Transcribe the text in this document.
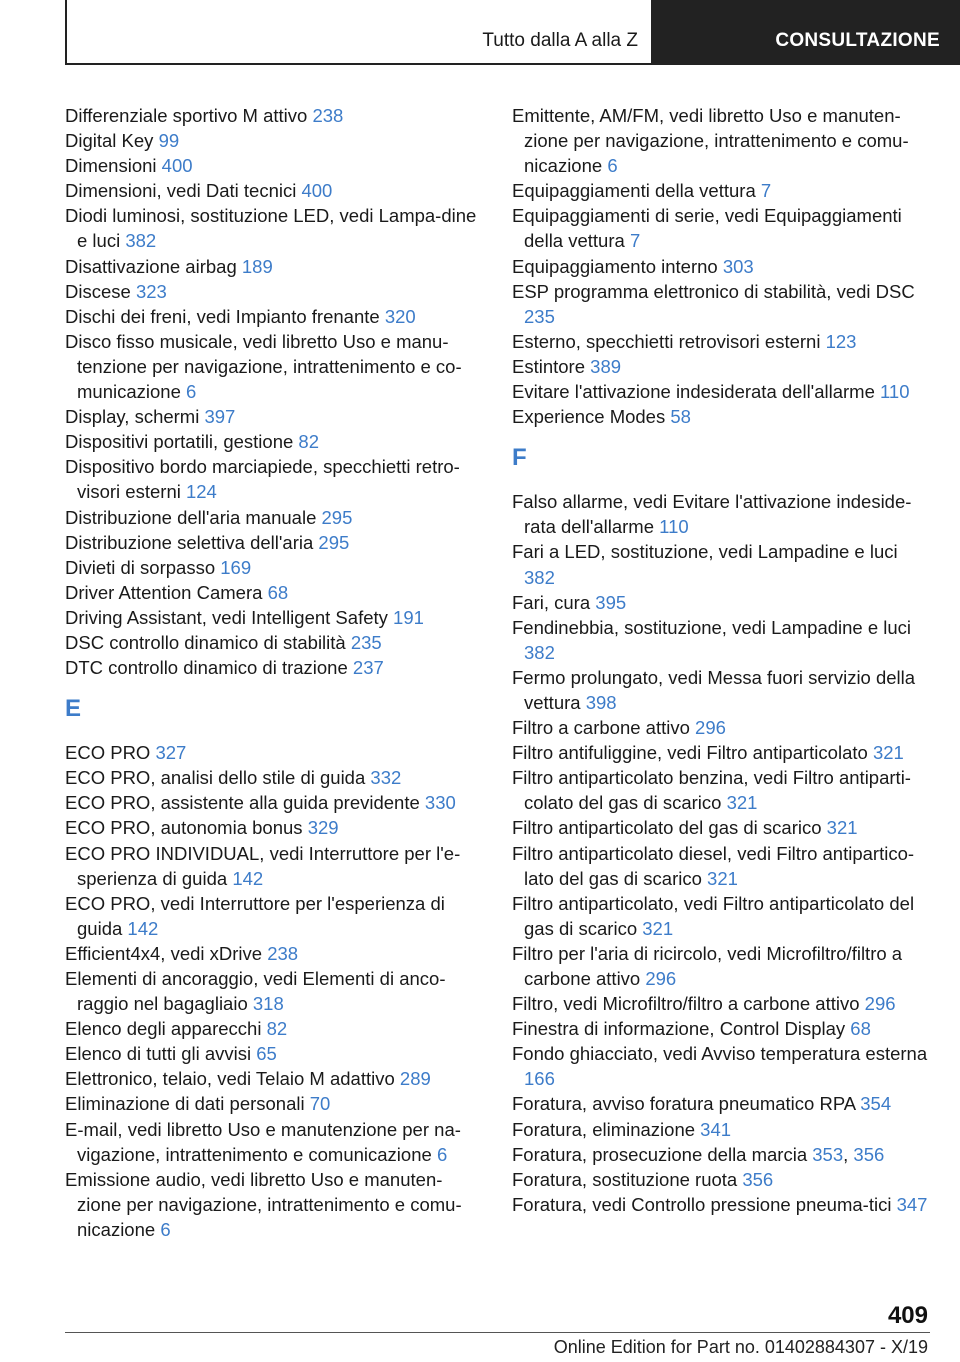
Tutto dalla A alla Z	CONSULTAZIONE
Differenziale sportivo M attivo 238
Digital Key 99
Dimensioni 400
Dimensioni, vedi Dati tecnici 400
Diodi luminosi, sostituzione LED, vedi Lampa‐dine e luci 382
Disattivazione airbag 189
Discese 323
Dischi dei freni, vedi Impianto frenante 320
Disco fisso musicale, vedi libretto Uso e manu‐tenzione per navigazione, intrattenimento e co‐municazione 6
Display, schermi 397
Dispositivi portatili, gestione 82
Dispositivo bordo marciapiede, specchietti retro‐visori esterni 124
Distribuzione dell'aria manuale 295
Distribuzione selettiva dell'aria 295
Divieti di sorpasso 169
Driver Attention Camera 68
Driving Assistant, vedi Intelligent Safety 191
DSC controllo dinamico di stabilità 235
DTC controllo dinamico di trazione 237
E
ECO PRO 327
ECO PRO, analisi dello stile di guida 332
ECO PRO, assistente alla guida previdente 330
ECO PRO, autonomia bonus 329
ECO PRO INDIVIDUAL, vedi Interruttore per l'e‐sperienza di guida 142
ECO PRO, vedi Interruttore per l'esperienza di guida 142
Efficient4x4, vedi xDrive 238
Elementi di ancoraggio, vedi Elementi di anco‐raggio nel bagagliaio 318
Elenco degli apparecchi 82
Elenco di tutti gli avvisi 65
Elettronico, telaio, vedi Telaio M adattivo 289
Eliminazione di dati personali 70
E-mail, vedi libretto Uso e manutenzione per na‐vigazione, intrattenimento e comunicazione 6
Emissione audio, vedi libretto Uso e manuten‐zione per navigazione, intrattenimento e comu‐nicazione 6
Emittente, AM/FM, vedi libretto Uso e manuten‐zione per navigazione, intrattenimento e comu‐nicazione 6
Equipaggiamenti della vettura 7
Equipaggiamenti di serie, vedi Equipaggiamenti della vettura 7
Equipaggiamento interno 303
ESP programma elettronico di stabilità, vedi DSC 235
Esterno, specchietti retrovisori esterni 123
Estintore 389
Evitare l'attivazione indesiderata dell'allarme 110
Experience Modes 58
F
Falso allarme, vedi Evitare l'attivazione indeside‐rata dell'allarme 110
Fari a LED, sostituzione, vedi Lampadine e luci 382
Fari, cura 395
Fendinebbia, sostituzione, vedi Lampadine e luci 382
Fermo prolungato, vedi Messa fuori servizio della vettura 398
Filtro a carbone attivo 296
Filtro antifuliggine, vedi Filtro antiparticolato 321
Filtro antiparticolato benzina, vedi Filtro antiparti‐colato del gas di scarico 321
Filtro antiparticolato del gas di scarico 321
Filtro antiparticolato diesel, vedi Filtro antipartico‐lato del gas di scarico 321
Filtro antiparticolato, vedi Filtro antiparticolato del gas di scarico 321
Filtro per l'aria di ricircolo, vedi Microfiltro/filtro a carbone attivo 296
Filtro, vedi Microfiltro/filtro a carbone attivo 296
Finestra di informazione, Control Display 68
Fondo ghiacciato, vedi Avviso temperatura esterna 166
Foratura, avviso foratura pneumatico RPA 354
Foratura, eliminazione 341
Foratura, prosecuzione della marcia 353, 356
Foratura, sostituzione ruota 356
Foratura, vedi Controllo pressione pneuma‐tici 347
409
Online Edition for Part no. 01402884307 - X/19
